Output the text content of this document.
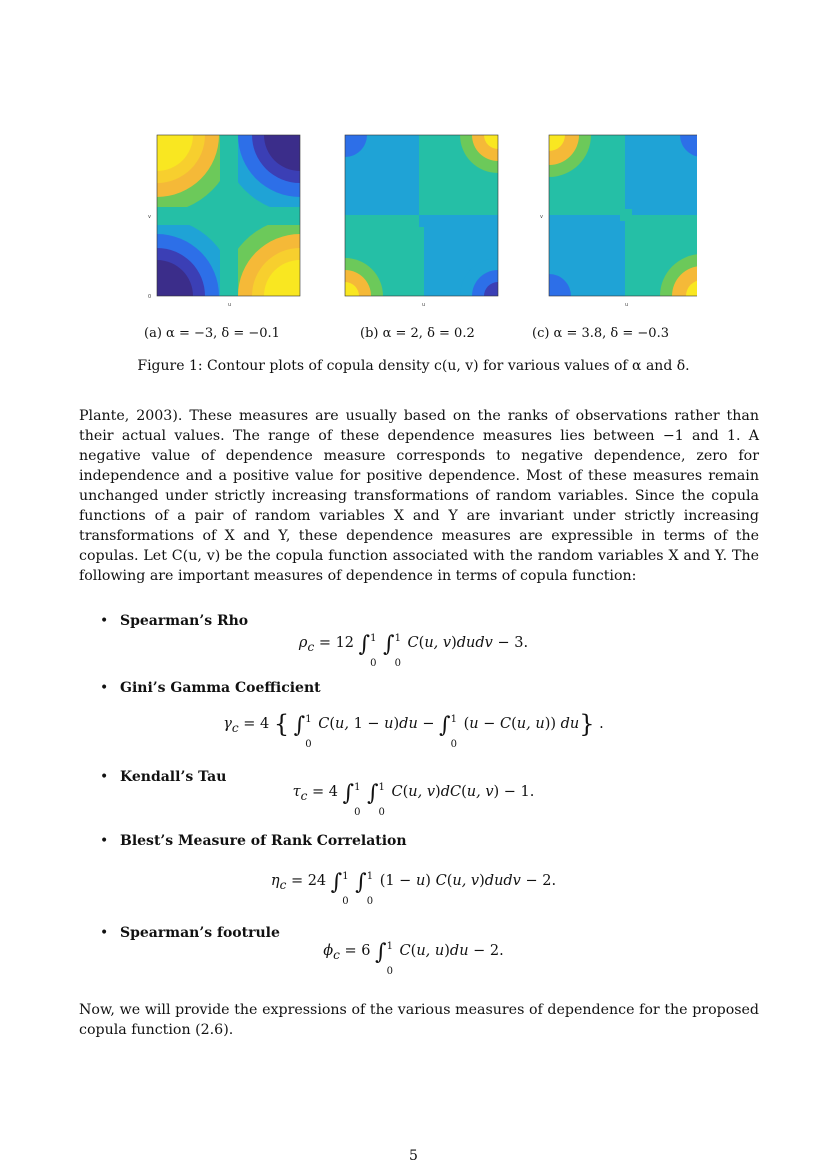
0
v
u	u
v
u
(a) α = −3, δ = −0.1	(b) α = 2, δ = 0.2	(c) α = 3.8, δ = −0.3
Figure 1: Contour plots of copula density c(u, v) for various values of α and δ.
Plante, 2003). These measures are usually based on the ranks of observations rather than their actual values. The range of these dependence measures lies between −1 and 1. A negative value of dependence measure corresponds to negative dependence, zero for independence and a positive value for positive dependence. Most of these measures remain unchanged under strictly increasing transformations of random variables. Since the copula functions of a pair of random variables X and Y are invariant under strictly increasing transformations of X and Y, these dependence measures are expressible in terms of the copulas. Let C(u, v) be the copula function associated with the random variables X and Y. The following are important measures of dependence in terms of copula function:
• Spearman’s Rho
$\rho_c = 12$ ∫ 1
0
∫ 1
0
C(u, v)dudv − 3.
• Gini’s Gamma Coefficient
$\gamma_c = 4$ { ∫ 1
0
C(u, 1 − u)du − ∫ 1
0
(u − C(u, u)) du} .
• Kendall’s Tau
$\tau_c = 4$ ∫ 1
0
∫ 1
0
C(u, v)dC(u, v) − 1.
• Blest’s Measure of Rank Correlation
$\eta_c = 24$ ∫ 1
0
∫ 1
0
(1 − u) C(u, v)dudv − 2.
• Spearman’s footrule
$\phi_c = 6$ ∫ 1
0
C(u, u)du − 2.
Now, we will provide the expressions of the various measures of dependence for the proposed copula function (2.6).
5
